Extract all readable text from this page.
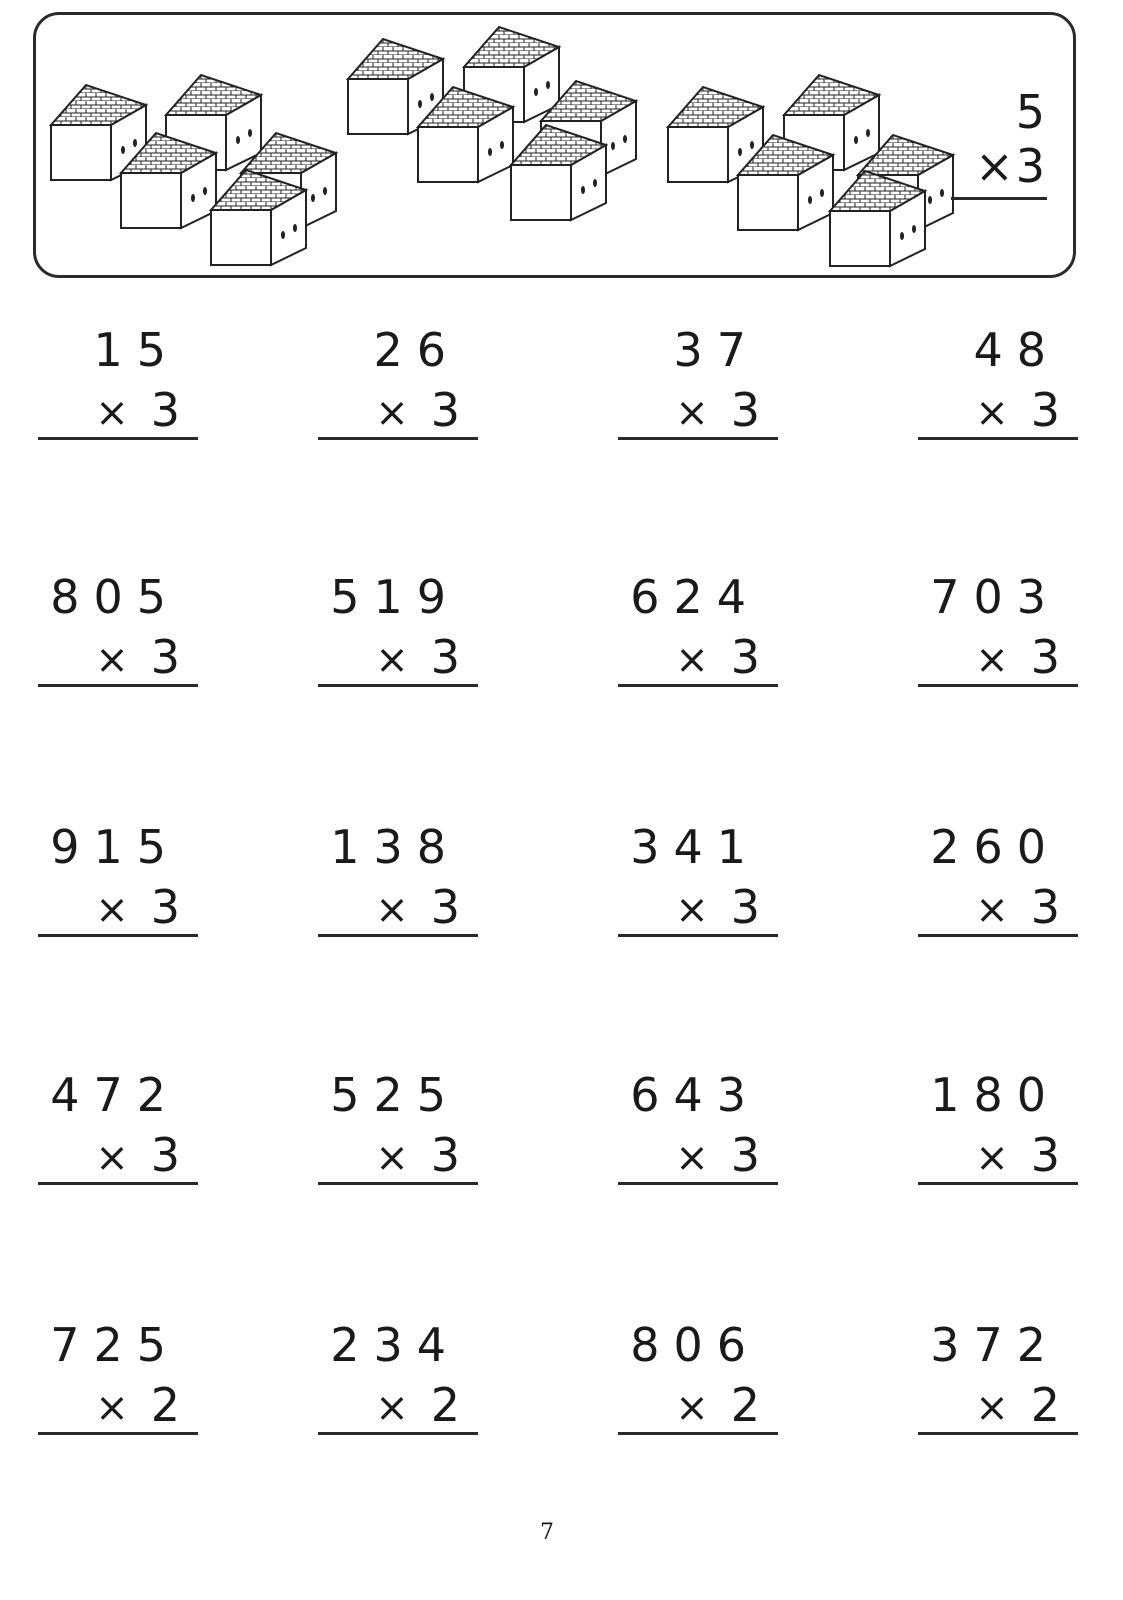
5
×3
15
× 3
26
× 3
37
× 3
48
× 3
805
× 3
519
× 3
624
× 3
703
× 3
915
× 3
138
× 3
341
× 3
260
× 3
472
× 3
525
× 3
643
× 3
180
× 3
725
× 2
234
× 2
806
× 2
372
× 2
7
